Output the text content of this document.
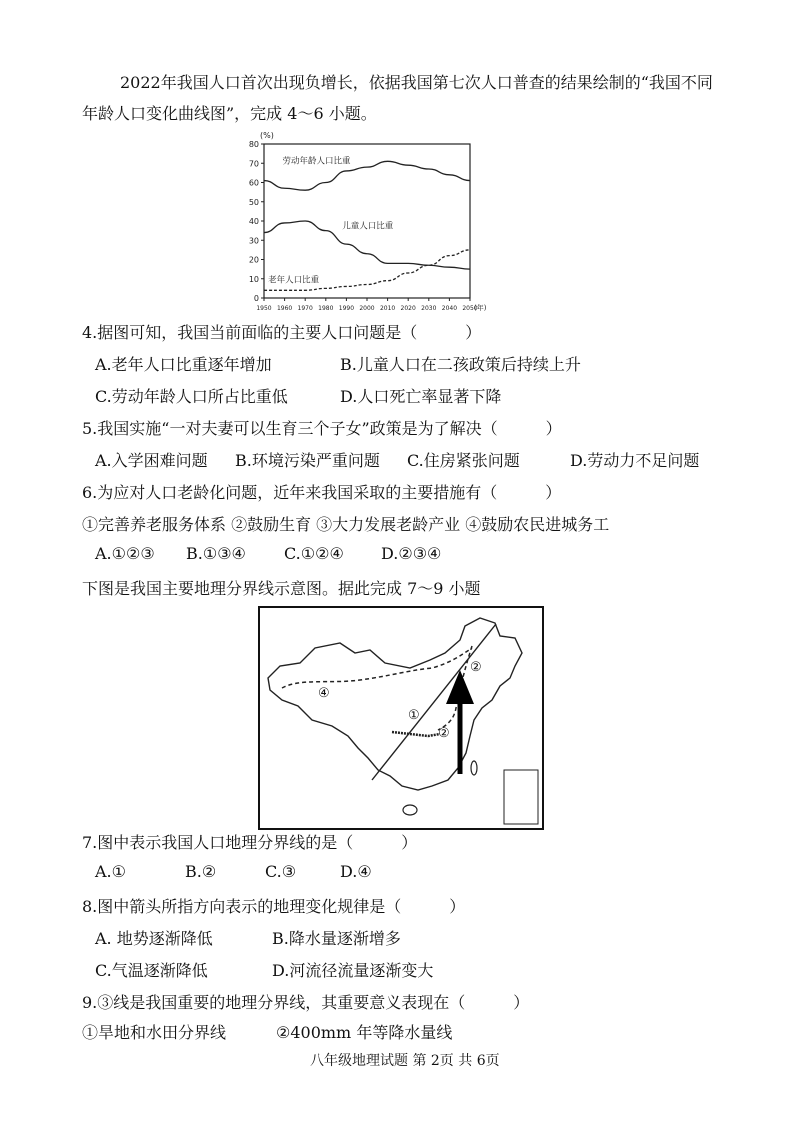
2022年我国人口首次出现负增长，依据我国第七次人口普查的结果绘制的“我国不同
年龄人口变化曲线图”，完成 4～6 小题。
0
10
20
30
40
50
60
70
80
1950 1960 1970 1980 1990 2000 2010 2020 2030 2040 2050
(%)
(年)
劳动年龄人口比重
儿童人口比重
老年人口比重
4.据图可知，我国当前面临的主要人口问题是（　　　）
A.老年人口比重逐年增加	B.儿童人口在二孩政策后持续上升
C.劳动年龄人口所占比重低	D.人口死亡率显著下降
5.我国实施“一对夫妻可以生育三个子女”政策是为了解决（　　　）
A.入学困难问题 B.环境污染严重问题 C.住房紧张问题	D.劳动力不足问题
6.为应对人口老龄化问题，近年来我国采取的主要措施有（　　　）
①完善养老服务体系 ②鼓励生育 ③大力发展老龄产业 ④鼓励农民进城务工
A.①②③ B.①③④ C.①②④ D.②③④
下图是我国主要地理分界线示意图。据此完成 7～9 小题
④
②
①
②
7.图中表示我国人口地理分界线的是（　　　）
A.①	B.②	C.③	D.④
8.图中箭头所指方向表示的地理变化规律是（　　　）
A. 地势逐渐降低	B.降水量逐渐增多
C.气温逐渐降低	D.河流径流量逐渐变大
9.③线是我国重要的地理分界线，其重要意义表现在（　　　）
①旱地和水田分界线	②400mm 年等降水量线
八年级地理试题 第 2页 共 6页
